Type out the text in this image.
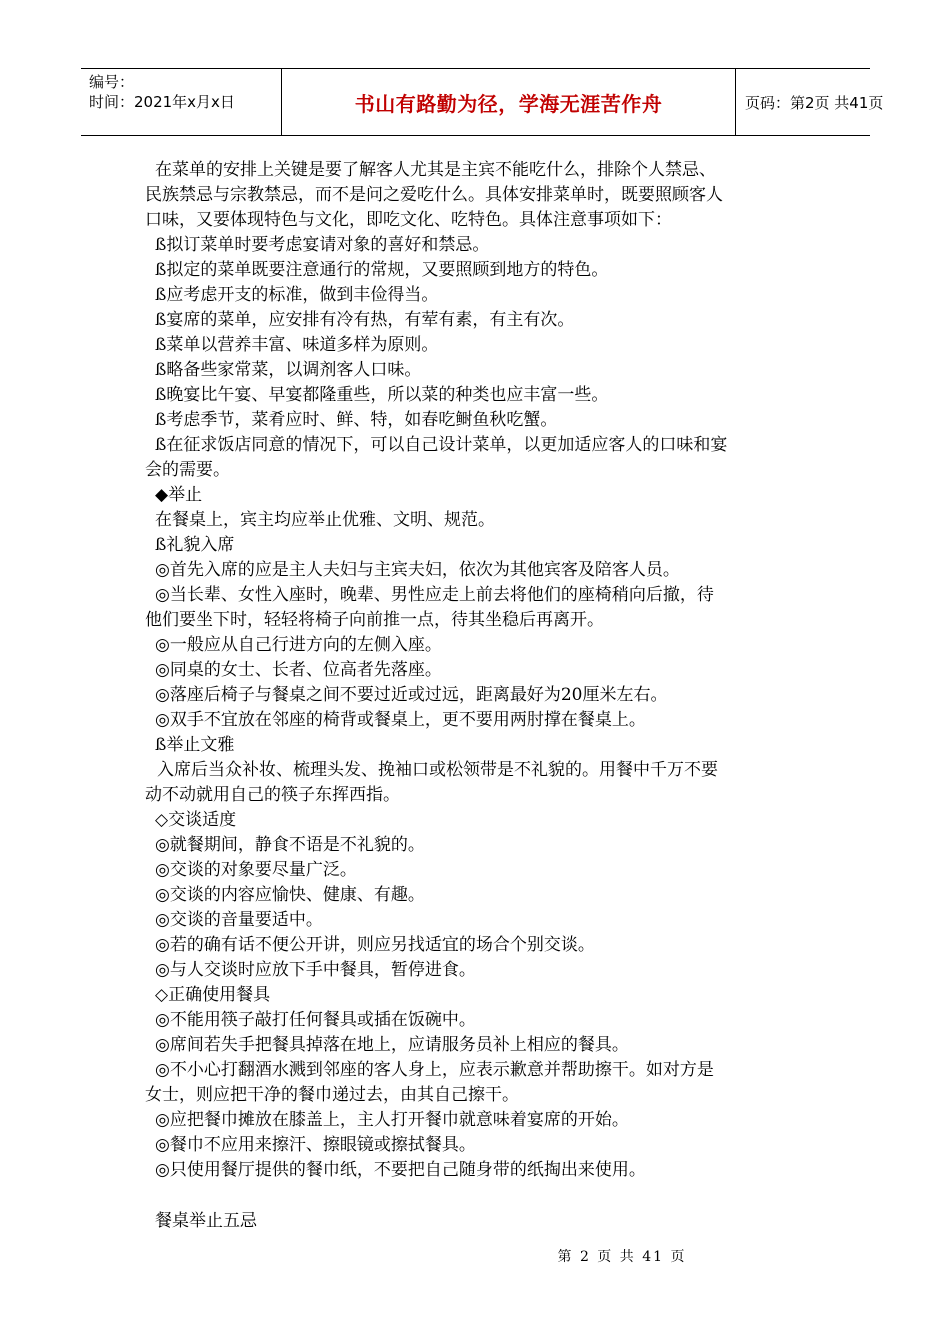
编号：
时间：2021年x月x日	书山有路勤为径，学海无涯苦作舟	页码：第2页 共41页

在菜单的安排上关键是要了解客人尤其是主宾不能吃什么，排除个人禁忌、

民族禁忌与宗教禁忌，而不是问之爱吃什么。具体安排菜单时，既要照顾客人

口味，又要体现特色与文化，即吃文化、吃特色。具体注意事项如下：

ß拟订菜单时要考虑宴请对象的喜好和禁忌。

ß拟定的菜单既要注意通行的常规，又要照顾到地方的特色。

ß应考虑开支的标准，做到丰俭得当。

ß宴席的菜单，应安排有冷有热，有荤有素，有主有次。

ß菜单以营养丰富、味道多样为原则。

ß略备些家常菜，以调剂客人口味。

ß晚宴比午宴、早宴都隆重些，所以菜的种类也应丰富一些。

ß考虑季节，菜肴应时、鲜、特，如春吃鲥鱼秋吃蟹。

ß在征求饭店同意的情况下，可以自己设计菜单，以更加适应客人的口味和宴

会的需要。

◆举止

在餐桌上，宾主均应举止优雅、文明、规范。

ß礼貌入席

◎首先入席的应是主人夫妇与主宾夫妇，依次为其他宾客及陪客人员。

◎当长辈、女性入座时，晚辈、男性应走上前去将他们的座椅稍向后撤，待

他们要坐下时，轻轻将椅子向前推一点，待其坐稳后再离开。

◎一般应从自己行进方向的左侧入座。

◎同桌的女士、长者、位高者先落座。

◎落座后椅子与餐桌之间不要过近或过远，距离最好为20厘米左右。

◎双手不宜放在邻座的椅背或餐桌上，更不要用两肘撑在餐桌上。

ß举止文雅

入席后当众补妆、梳理头发、挽袖口或松领带是不礼貌的。用餐中千万不要

动不动就用自己的筷子东挥西指。

◇交谈适度

◎就餐期间，静食不语是不礼貌的。

◎交谈的对象要尽量广泛。

◎交谈的内容应愉快、健康、有趣。

◎交谈的音量要适中。

◎若的确有话不便公开讲，则应另找适宜的场合个别交谈。

◎与人交谈时应放下手中餐具，暂停进食。

◇正确使用餐具

◎不能用筷子敲打任何餐具或插在饭碗中。

◎席间若失手把餐具掉落在地上，应请服务员补上相应的餐具。

◎不小心打翻酒水溅到邻座的客人身上，应表示歉意并帮助擦干。如对方是

女士，则应把干净的餐巾递过去，由其自己擦干。

◎应把餐巾摊放在膝盖上，主人打开餐巾就意味着宴席的开始。

◎餐巾不应用来擦汗、擦眼镜或擦拭餐具。

◎只使用餐厅提供的餐巾纸，不要把自己随身带的纸掏出来使用。

餐桌举止五忌

第 2 页 共 41 页
